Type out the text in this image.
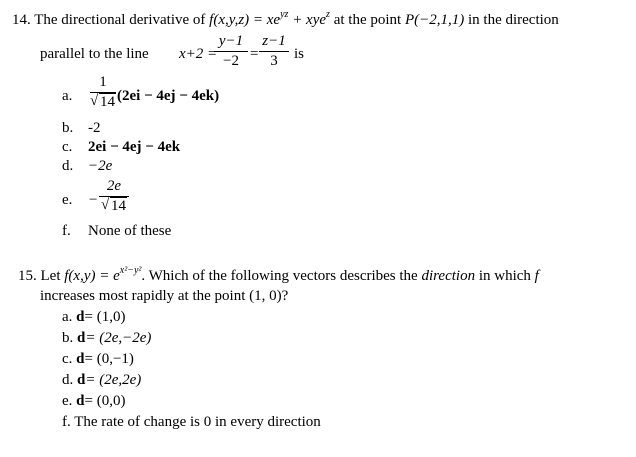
14. The directional derivative of $f(x,y,z) = xe^{yz} + xye^z$ at the point P(−2,1,1) in the direction
parallel to the line x+2 =
y−1
−2 =
z−1
3	is
a.
1
√ 14 (2ei − 4ej − 4ek)
b. -2
c. 2ei − 4ej − 4ek
d. −2e
e. −
2e
√ 14
f. None of these
15. Let $f(x,y) = e^{x^2-y^2}$. Which of the following vectors describes the direction in which f
increases most rapidly at the point (1, 0)?
a. d= (1,0)
b. d= (2e,−2e)
c. d= (0,−1)
d. d= (2e,2e)
e. d= (0,0)
f. The rate of change is 0 in every direction
